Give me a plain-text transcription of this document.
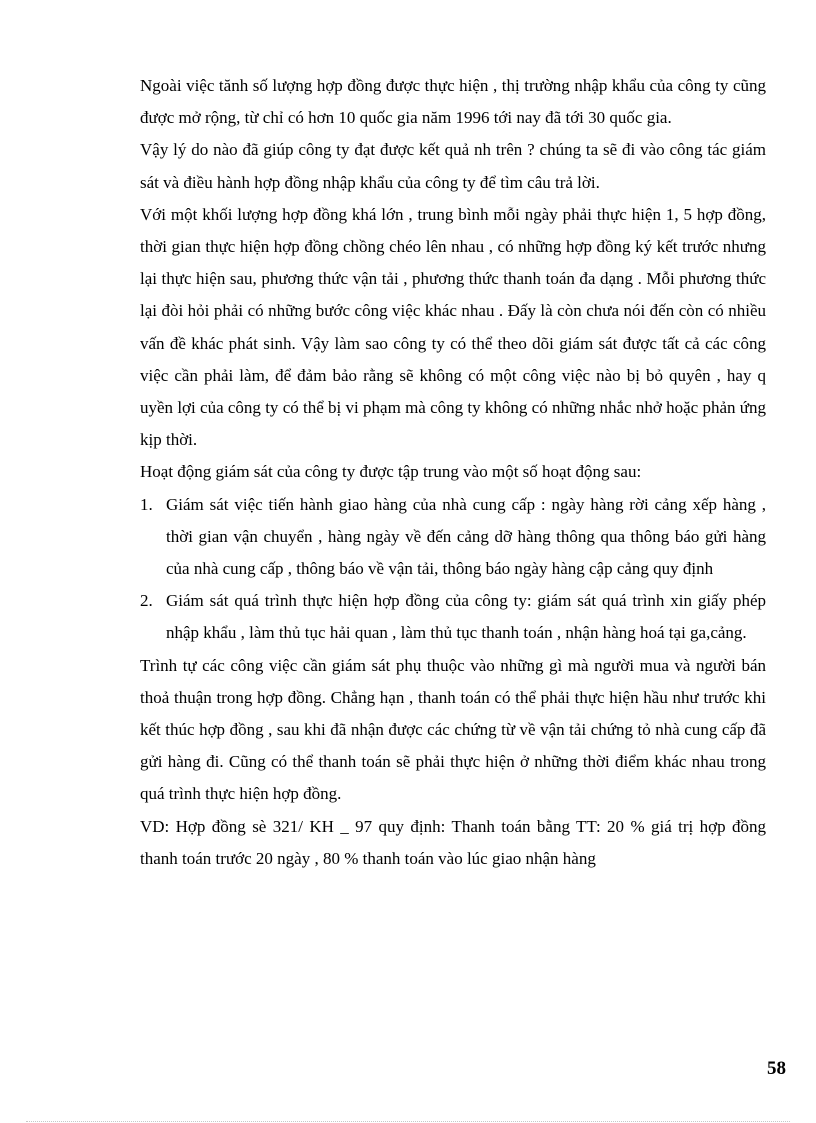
Ngoài việc tănh số lượng hợp đồng được thực hiện , thị trường nhập khẩu của công ty cũng được mở rộng, từ chỉ có hơn 10 quốc gia năm 1996 tới nay đã tới 30 quốc gia.

Vậy lý do nào đã giúp công ty đạt được kết quả nh trên ? chúng ta sẽ đi vào công tác giám sát và điều hành hợp đồng nhập khẩu của công ty để tìm câu trả lời.

Với một khối lượng hợp đồng khá lớn , trung bình mỗi ngày phải thực hiện 1, 5 hợp đồng, thời gian thực hiện hợp đồng chồng chéo lên nhau , có những hợp đồng ký kết trước nhưng lại thực hiện sau, phương thức vận tải , phương thức thanh toán đa dạng . Mỗi phương thức lại đòi hỏi phải có những bước công việc khác nhau . Đấy là còn chưa nói đến còn có nhiều vấn đề khác phát sinh. Vậy làm sao công ty có thể theo dõi giám sát được tất cả các công việc cần phải làm, để đảm bảo rằng sẽ không có một công việc nào bị bỏ quyên , hay q uyền lợi của công ty có thể bị vi phạm mà công ty không có những nhắc nhở hoặc phản ứng kịp thời.

Hoạt động giám sát của công ty được tập trung vào một số hoạt động sau:

1. Giám sát việc tiến hành giao hàng của nhà cung cấp : ngày hàng rời cảng xếp hàng , thời gian vận chuyển , hàng ngày về đến cảng dỡ hàng thông qua thông báo gửi hàng của nhà cung cấp , thông báo về vận tải, thông báo ngày hàng cập cảng quy định

2. Giám sát quá trình thực hiện hợp đồng của công ty: giám sát quá trình xin giấy phép nhập khẩu , làm thủ tục hải quan , làm thủ tục thanh toán , nhận hàng hoá tại ga,cảng.

Trình tự các công việc cần giám sát phụ thuộc vào những gì mà người mua và người bán thoả thuận trong hợp đồng. Chẳng hạn , thanh toán có thể phải thực hiện hầu như trước khi kết thúc hợp đồng , sau khi đã nhận được các chứng từ về vận tải chứng tỏ nhà cung cấp đã gửi hàng đi. Cũng có thể thanh toán sẽ phải thực hiện ở những thời điểm khác nhau trong quá trình thực hiện hợp đồng.

VD: Hợp đồng sè 321/ KH _ 97 quy định: Thanh toán bằng TT: 20 % giá trị hợp đồng thanh toán trước 20 ngày , 80 % thanh toán vào lúc giao nhận hàng

58
